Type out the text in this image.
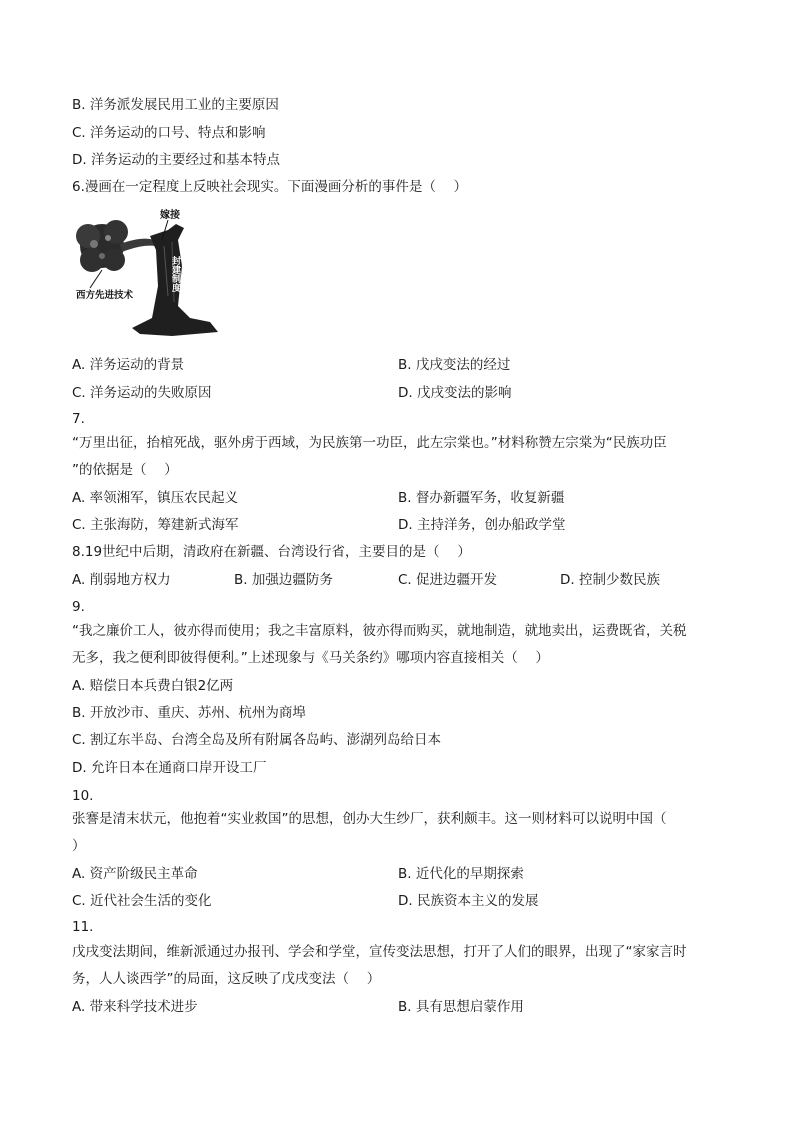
B. 洋务派发展民用工业的主要原因
C. 洋务运动的口号、特点和影响
D. 洋务运动的主要经过和基本特点
6.漫画在一定程度上反映社会现实。下面漫画分析的事件是（　 ）
嫁接
封建制度
西方先进技术
A. 洋务运动的背景	B. 戊戌变法的经过
C. 洋务运动的失败原因	D. 戊戌变法的影响
7.
“万里出征，抬棺死战，驱外虏于西域，为民族第一功臣，此左宗棠也。”材料称赞左宗棠为“民族功臣
”的依据是（　 ）
A. 率领湘军，镇压农民起义	B. 督办新疆军务，收复新疆
C. 主张海防，筹建新式海军	D. 主持洋务，创办船政学堂
8.19世纪中后期，清政府在新疆、台湾设行省，主要目的是（　 ）
A. 削弱地方权力	B. 加强边疆防务	C. 促进边疆开发	D. 控制少数民族
9.
“我之廉价工人，彼亦得而使用；我之丰富原料，彼亦得而购买，就地制造，就地卖出，运费既省，关税
无多，我之便利即彼得便利。”上述现象与《马关条约》哪项内容直接相关（　 ）
A. 赔偿日本兵费白银2亿两
B. 开放沙市、重庆、苏州、杭州为商埠
C. 割辽东半岛、台湾全岛及所有附属各岛屿、澎湖列岛给日本
D. 允许日本在通商口岸开设工厂
10.
张謇是清末状元，他抱着“实业救国”的思想，创办大生纱厂，获利颇丰。这一则材料可以说明中国（
）
A. 资产阶级民主革命	B. 近代化的早期探索
C. 近代社会生活的变化	D. 民族资本主义的发展
11.
戊戌变法期间，维新派通过办报刊、学会和学堂，宣传变法思想，打开了人们的眼界，出现了“家家言时
务，人人谈西学”的局面，这反映了戊戌变法（　 ）
A. 带来科学技术进步	B. 具有思想启蒙作用
